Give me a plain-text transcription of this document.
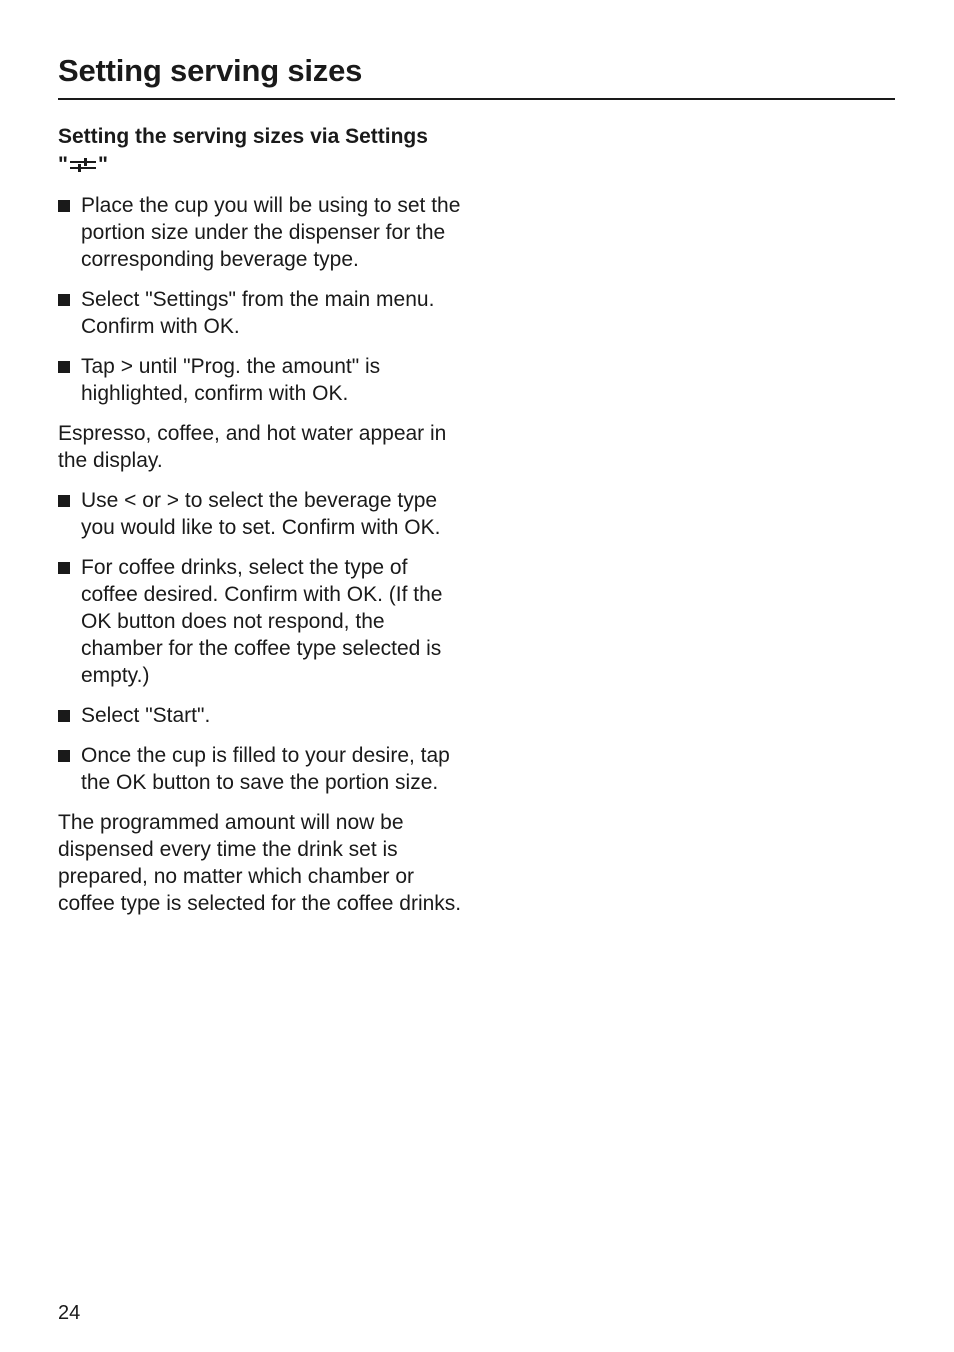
Setting serving sizes
Setting the serving sizes via Settings
" "
Place the cup you will be using to set the portion size under the dispenser for the corresponding beverage type.
Select "Settings" from the main menu. Confirm with OK.
Tap > until "Prog. the amount" is highlighted, confirm with OK.

Espresso, coffee, and hot water appear in the display.

Use < or > to select the beverage type you would like to set. Confirm with OK.
For coffee drinks, select the type of coffee desired. Confirm with OK. (If the OK button does not respond, the chamber for the coffee type selected is empty.)
Select "Start".
Once the cup is filled to your desire, tap the OK button to save the portion size.

The programmed amount will now be dispensed every time the drink set is prepared, no matter which chamber or coffee type is selected for the coffee drinks.

24
